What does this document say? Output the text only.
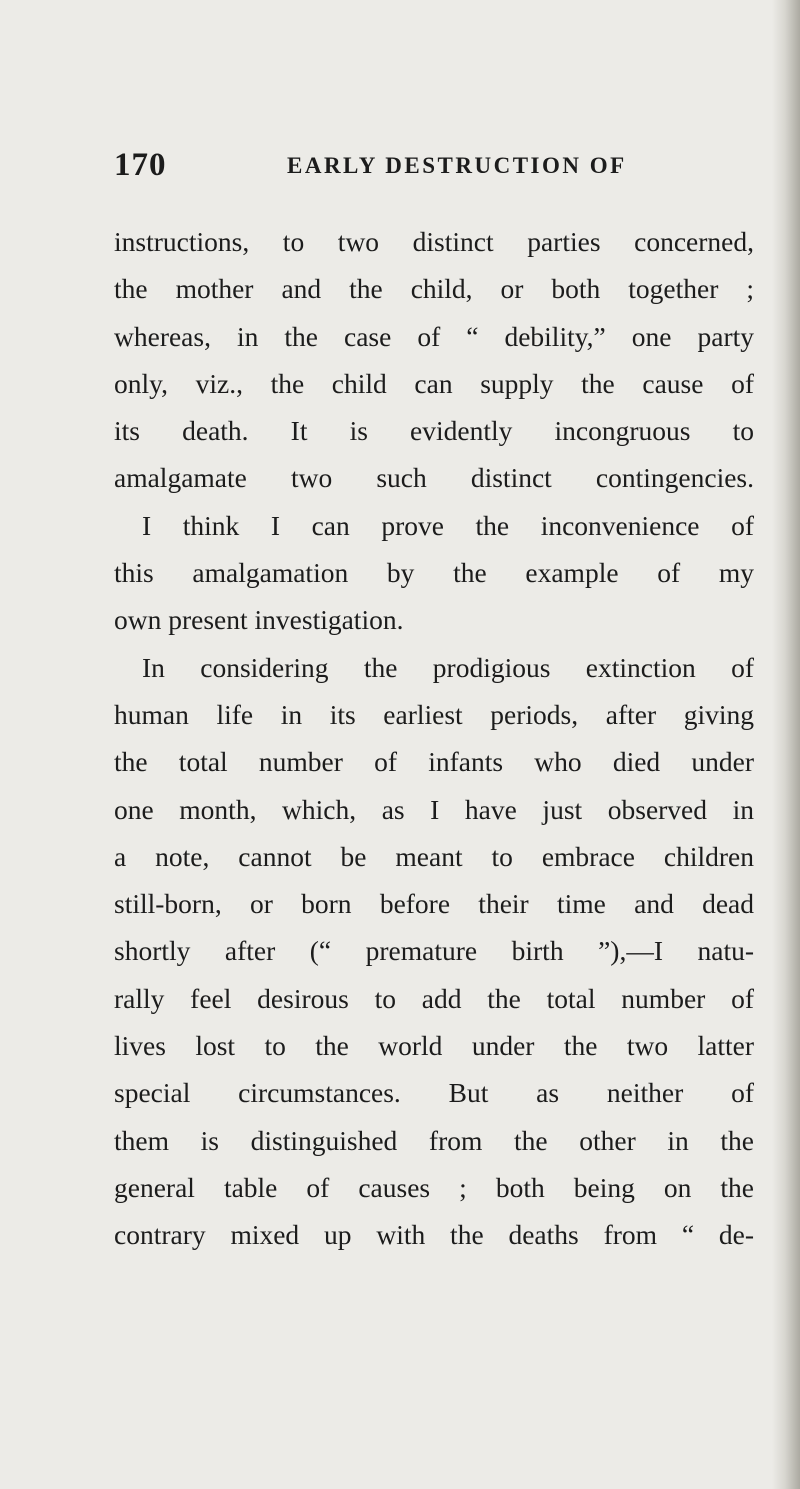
170	EARLY DESTRUCTION OF
instructions, to two distinct parties concerned,
the mother and the child, or both together ;
whereas, in the case of “ debility,” one party
only, viz., the child can supply the cause of
its death. It is evidently incongruous to
amalgamate two such distinct contingencies.
I think I can prove the inconvenience of
this amalgamation by the example of my
own present investigation.
In considering the prodigious extinction of
human life in its earliest periods, after giving
the total number of infants who died under
one month, which, as I have just observed in
a note, cannot be meant to embrace children
still-born, or born before their time and dead
shortly after (“ premature birth ”),—I natu-
rally feel desirous to add the total number of
lives lost to the world under the two latter
special circumstances. But as neither of
them is distinguished from the other in the
general table of causes ; both being on the
contrary mixed up with the deaths from “ de-
